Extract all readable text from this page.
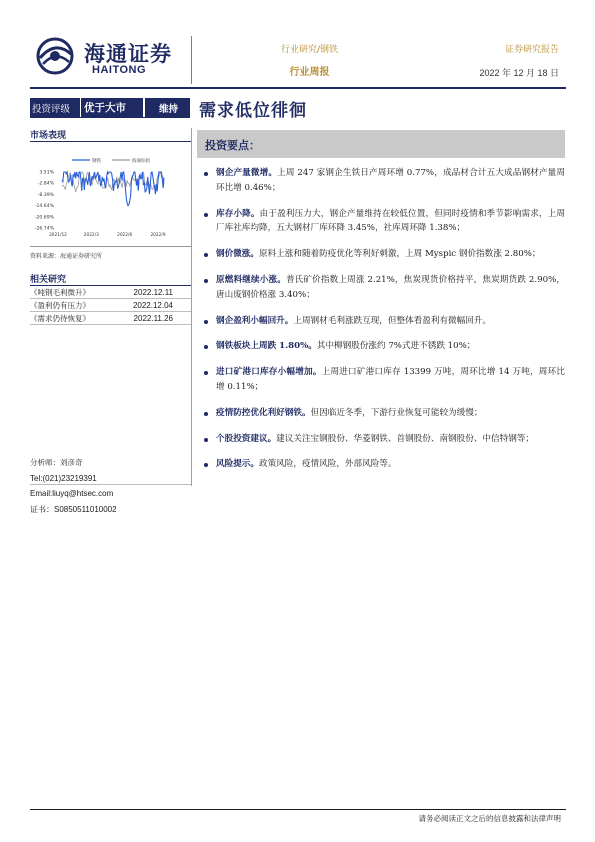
海通证券
HAITONG
行业研究/钢铁
行业周报
证券研究报告
2022 年 12 月 18 日
投资评级	优于大市	维持	需求低位徘徊
市场表现
钢铁	海通综指
3.51%
-2.84%
-8.39%
-14.64%
-20.69%
-26.74%
2021/12	2022/3	2022/6	2022/9
资料来源：海通证券研究所
相关研究
《吨钢毛利微升》	2022.12.11
《盈利仍有压力》	2022.12.04
《需求仍待恢复》	2022.11.26
分析师：刘彦奇
Tel:(021)23219391
Email:liuyq@htsec.com
证书：S0850511010002
投资要点：
钢企产量微增。上周 247 家钢企生铁日产周环增 0.77%，成品材合计五大成品钢材产量周环比增 0.46%；
库存小降。由于盈利压力大，钢企产量维持在较低位置，但同时疫情和季节影响需求，上周厂库社库均降，五大钢材厂库环降 3.45%，社库周环降 1.38%；
钢价微涨。原料上涨和随着防疫优化等利好刺激，上周 Myspic 钢价指数涨 2.80%；
原燃料继续小涨。普氏矿价指数上周涨 2.21%，焦炭现货价格持平，焦炭期货跌 2.90%，唐山废钢价格涨 3.40%；
钢企盈利小幅回升。上周钢材毛利涨跌互现，但整体看盈利有微幅回升。
钢铁板块上周跌 1.80%。其中柳钢股份涨约 7%式进不锈跌 10%；
进口矿港口库存小幅增加。上周进口矿港口库存 13399 万吨，周环比增 14 万吨，周环比增 0.11%；
疫情防控优化利好钢铁。但因临近冬季，下游行业恢复可能较为缓慢；
个股投资建议。建议关注宝钢股份、华菱钢铁、首钢股份、南钢股份、中信特钢等；
风险提示。政策风险，疫情风险，外部风险等。
请务必阅读正文之后的信息披露和法律声明
